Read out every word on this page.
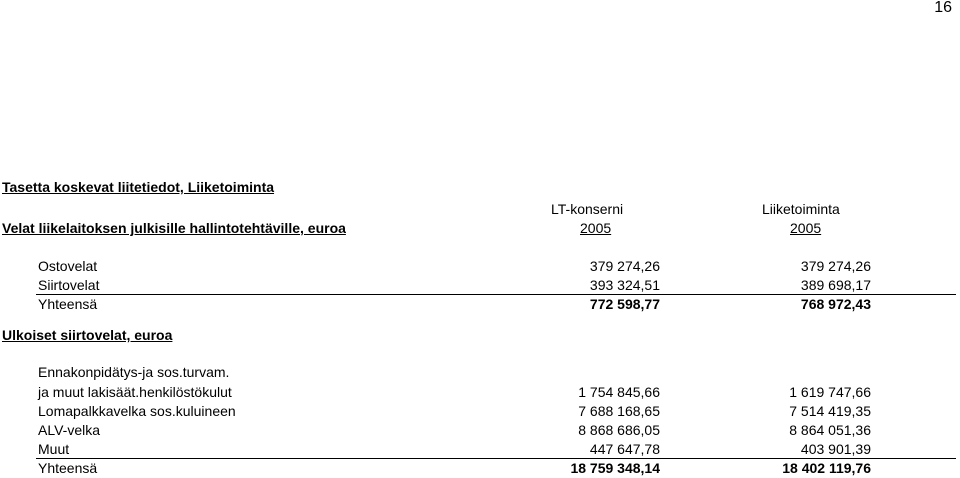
16
Tasetta koskevat liitetiedot, Liiketoiminta
LT-konserni	Liiketoiminta
Velat liikelaitoksen julkisille hallintotehtäville, euroa	2005	2005
Ostovelat	379 274,26	379 274,26
Siirtovelat	393 324,51	389 698,17
Yhteensä	772 598,77	768 972,43
Ulkoiset siirtovelat, euroa
Ennakonpidätys-ja sos.turvam.
ja muut lakisäät.henkilöstökulut	1 754 845,66	1 619 747,66
Lomapalkkavelka sos.kuluineen	7 688 168,65	7 514 419,35
ALV-velka	8 868 686,05	8 864 051,36
Muut	447 647,78	403 901,39
Yhteensä	18 759 348,14	18 402 119,76
